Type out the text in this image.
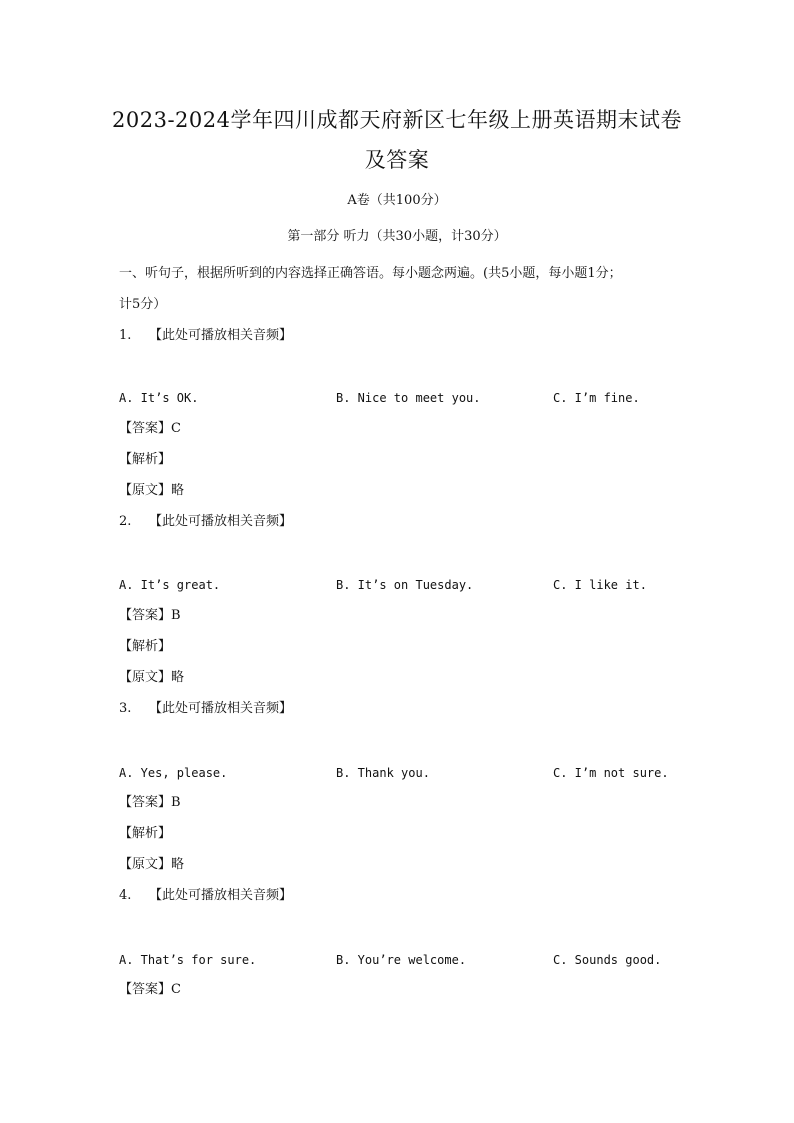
2023-2024学年四川成都天府新区七年级上册英语期末试卷
及答案
A卷（共100分）
第一部分 听力（共30小题，计30分）
一、听句子，根据所听到的内容选择正确答语。每小题念两遍。(共5小题，每小题1分；
计5分）
1. 【此处可播放相关音频】
A. It’s OK.	B. Nice to meet you.	C. I’m fine.
【答案】C
【解析】
【原文】略
2. 【此处可播放相关音频】
A. It’s great.	B. It’s on Tuesday.	C. I like it.
【答案】B
【解析】
【原文】略
3. 【此处可播放相关音频】
A. Yes, please.	B. Thank you.	C. I’m not sure.
【答案】B
【解析】
【原文】略
4. 【此处可播放相关音频】
A. That’s for sure.	B. You’re welcome.	C. Sounds good.
【答案】C
